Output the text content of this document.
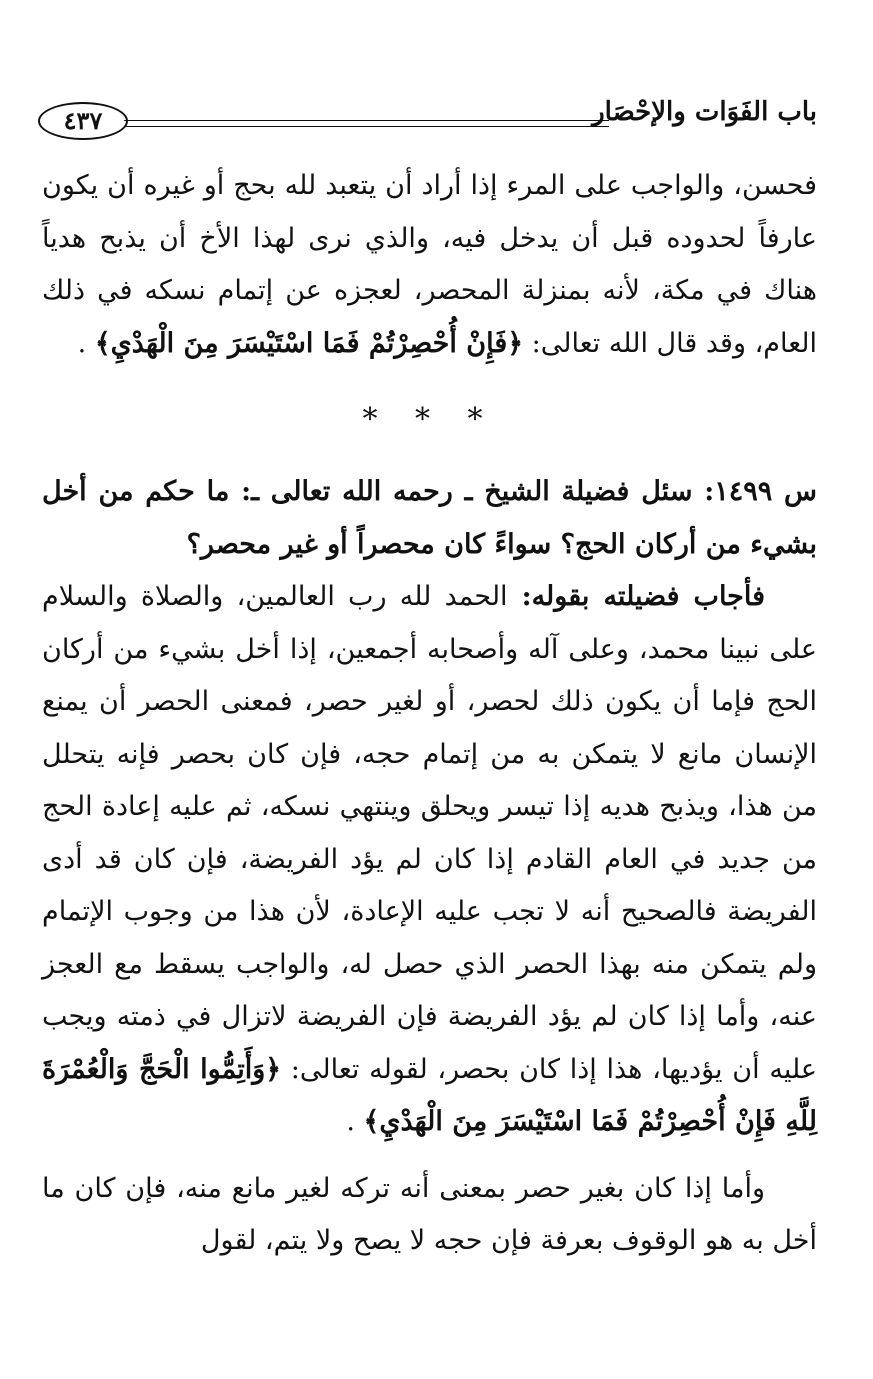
باب الفَوَات والإحْصَار
٤٣٧

فحسن، والواجب على المرء إذا أراد أن يتعبد لله بحج أو غيره أن يكون عارفاً لحدوده قبل أن يدخل فيه، والذي نرى لهذا الأخ أن يذبح هدياً هناك في مكة، لأنه بمنزلة المحصر، لعجزه عن إتمام نسكه في ذلك العام، وقد قال الله تعالى: ﴿فَإِنْ أُحْصِرْتُمْ فَمَا اسْتَيْسَرَ مِنَ الْهَدْيِ﴾ .

* * *

س ١٤٩٩: سئل فضيلة الشيخ ـ رحمه الله تعالى ـ: ما حكم من أخل بشيء من أركان الحج؟ سواءً كان محصراً أو غير محصر؟

فأجاب فضيلته بقوله: الحمد لله رب العالمين، والصلاة والسلام على نبينا محمد، وعلى آله وأصحابه أجمعين، إذا أخل بشيء من أركان الحج فإما أن يكون ذلك لحصر، أو لغير حصر، فمعنى الحصر أن يمنع الإنسان مانع لا يتمكن به من إتمام حجه، فإن كان بحصر فإنه يتحلل من هذا، ويذبح هديه إذا تيسر ويحلق وينتهي نسكه، ثم عليه إعادة الحج من جديد في العام القادم إذا كان لم يؤد الفريضة، فإن كان قد أدى الفريضة فالصحيح أنه لا تجب عليه الإعادة، لأن هذا من وجوب الإتمام ولم يتمكن منه بهذا الحصر الذي حصل له، والواجب يسقط مع العجز عنه، وأما إذا كان لم يؤد الفريضة فإن الفريضة لاتزال في ذمته ويجب عليه أن يؤديها، هذا إذا كان بحصر، لقوله تعالى: ﴿وَأَتِمُّوا الْحَجَّ وَالْعُمْرَةَ لِلَّهِ فَإِنْ أُحْصِرْتُمْ فَمَا اسْتَيْسَرَ مِنَ الْهَدْيِ﴾ .

وأما إذا كان بغير حصر بمعنى أنه تركه لغير مانع منه، فإن كان ما أخل به هو الوقوف بعرفة فإن حجه لا يصح ولا يتم، لقول
